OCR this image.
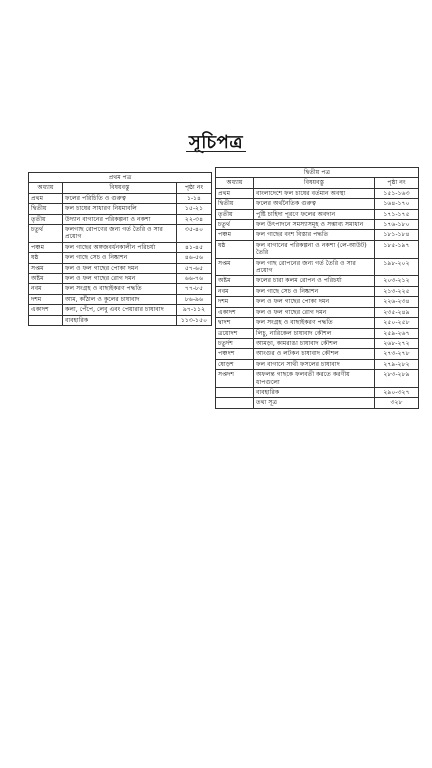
সূচিপত্র
প্রথম পত্র		
অধ্যায়	বিষয়বস্তু	পৃষ্ঠা নং
প্রথম	ফলের পরিচিতি ও গুরুত্ব	১-১৪
দ্বিতীয়	ফল চাষের সাধারণ নিয়মাবলি	১৫-২১
তৃতীয়	উদ্যান বাগানের পরিকল্পনা ও নকশা	২২-৩৪
চতুর্থ	ফলগাছ রোপণের জন্য গর্ত তৈরি ও সার প্রয়োগ	৩৫-৪০
পঞ্চম	ফল গাছের অঙ্গজবর্ধনকালীন পরিচর্যা	৪১-৪৫
ষষ্ঠ	ফল গাছে সেচ ও নিষ্কাশন	৪৬-৫৬
সপ্তম	ফল ও ফল গাছের পোকা দমন	৫৭-৬৫
অষ্টম	ফল ও ফল গাছের রোগ দমন	৬৬-৭৬
নবম	ফল সংগ্রহ ও বাছাইকরণ পদ্ধতি	৭৭-৮৫
দশম	আম, কাঁঠাল ও কুলের চাষাবাদ	৮৬-৯৬
একাদশ	কলা, পেঁপে, লেবু এবং পেয়ারার চাষাবাদ	৯৭-১১২
	ব্যবহারিক	১১৩-১৫০
দ্বিতীয় পত্র		
অধ্যায়	বিষয়বস্তু	পৃষ্ঠা নং
প্রথম	বাংলাদেশে ফল চাষের বর্তমান অবস্থা	১৫১-১৬৩
দ্বিতীয়	ফলের অর্থনৈতিক গুরুত্ব	১৬৪-১৭০
তৃতীয়	পুষ্টি চাহিদা পূরণে ফলের অবদান	১৭১-১৭৫
চতুর্থ	ফল উৎপাদনে সমস্যাসমূহ ও সম্ভাব্য সমাধান	১৭৬-১৮০
পঞ্চম	ফল গাছের বংশ বিস্তার পদ্ধতি	১৮১-১৮৪
ষষ্ঠ	ফল বাগানের পরিকল্পনা ও নকশা (লে-আউট) তৈরি	১৮৫-১৯৭
সপ্তম	ফল গাছ রোপনের জন্য গর্ত তৈরি ও সার প্রয়োগ	১৯৮-২০২
অষ্টম	ফলের চারা কলম রোপন ও পরিচর্যা	২০৩-২১২
নবম	ফল গাছে সেচ ও নিষ্কাশন	২১৩-২২৫
দশম	ফল ও ফল গাছের পোকা দমন	২২৬-২৩৪
একাদশ	ফল ও ফল গাছের রোগ দমন	২৩৫-২৪৯
দ্বাদশ	ফল সংগ্রহ ও বাছাইকরণ পদ্ধতি	২৫০-২৫৮
ত্রয়োদশ	লিচু, নারিকেল চাষাবাদ কৌশল	২৫৯-২৬৭
চতুর্দশ	আমড়া, কামরাঙা চাষাবাদ কৌশল	২৬৮-২৭২
পঞ্চদশ	আংগুর ও লটকন চাষাবাদ কৌশল	২৭৩-২৭৮
ষোড়শ	ফল বাগানে সাথী ফসলের চাষাবাদ	২৭৯-২৮২
সপ্তদশ	অফলন্ত গাছকে ফলবতী করতে করণীয় ধাপগুলো	২৮৩-২৮৯
	ব্যবহারিক	২৯০-৩২৭
	তথ্য সূত্র	৩২৮
